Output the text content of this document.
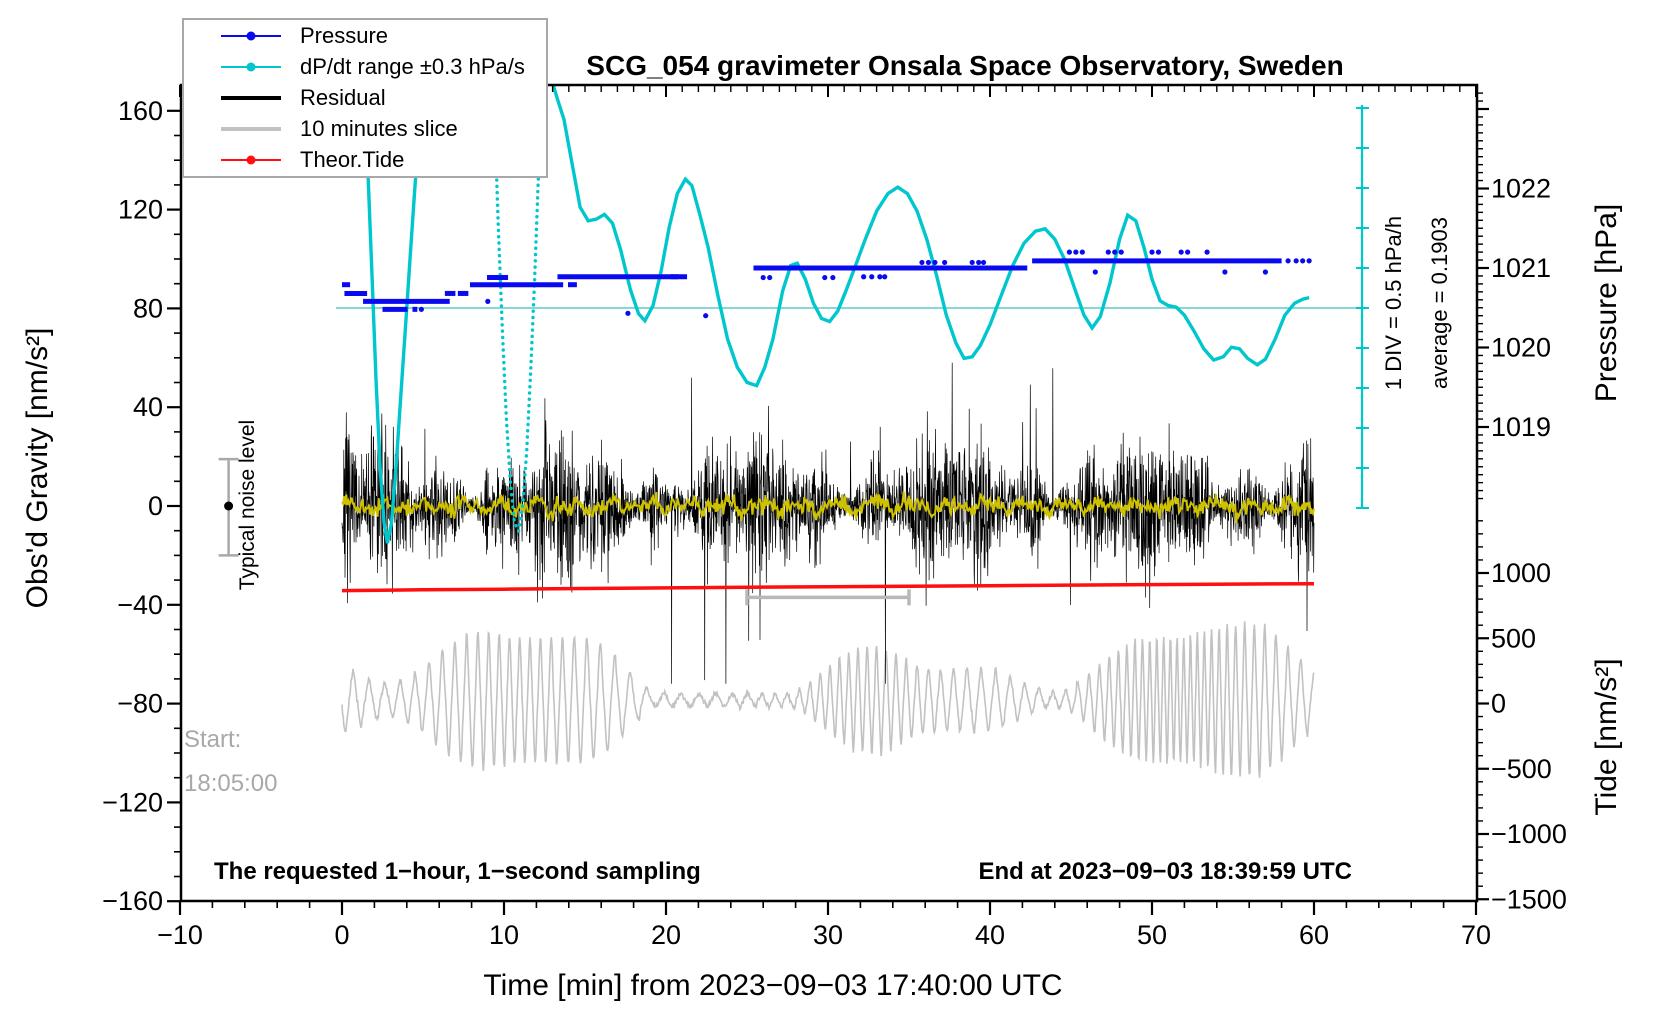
−10	0	10	20	30	40	50	60	70
160
120
80
40
0
−40
−80
−120
−160
1022
1021
1020
1019
1000
500
0
−500
−1000
−1500
SCG_054 gravimeter Onsala Space Observatory, Sweden
Pressure
dP/dt range ±0.3 hPa/s
Residual
10 minutes slice
Theor.Tide
Obs'd Gravity [nm/s²]
Pressure [hPa]
Tide [nm/s²]
1 DIV = 0.5 hPa/h average = 0.1903
Typical noise level
Start:
18:05:00
The requested 1−hour, 1−second sampling	End at 2023−09−03 18:39:59 UTC
Time [min] from 2023−09−03 17:40:00 UTC
